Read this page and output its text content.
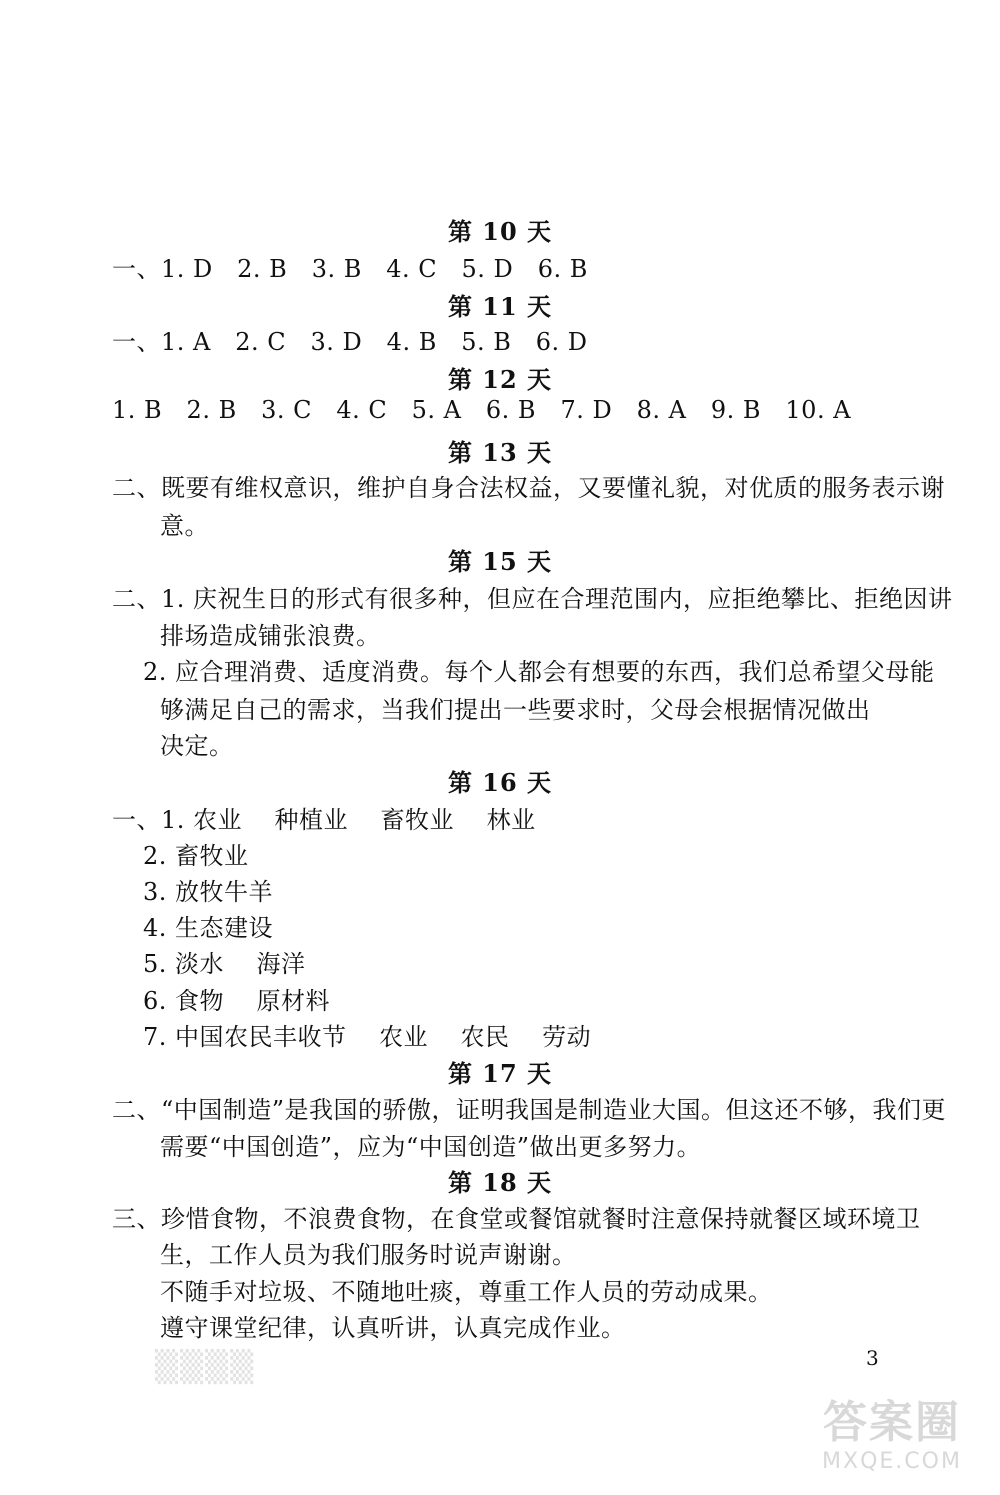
第 10 天
一、1. D   2. B   3. B   4. C   5. D   6. B
第 11 天
一、1. A   2. C   3. D   4. B   5. B   6. D
第 12 天
1. B   2. B   3. C   4. C   5. A   6. B   7. D   8. A   9. B   10. A
第 13 天
二、既要有维权意识，维护自身合法权益，又要懂礼貌，对优质的服务表示谢
意。
第 15 天
二、1. 庆祝生日的形式有很多种，但应在合理范围内，应拒绝攀比、拒绝因讲
排场造成铺张浪费。
2. 应合理消费、适度消费。每个人都会有想要的东西，我们总希望父母能
够满足自己的需求，当我们提出一些要求时，父母会根据情况做出
决定。
第 16 天
一、1. 农业    种植业    畜牧业    林业
2. 畜牧业
3. 放牧牛羊
4. 生态建设
5. 淡水    海洋
6. 食物    原材料
7. 中国农民丰收节    农业    农民    劳动
第 17 天
二、“中国制造”是我国的骄傲，证明我国是制造业大国。但这还不够，我们更
需要“中国创造”，应为“中国创造”做出更多努力。
第 18 天
三、珍惜食物，不浪费食物，在食堂或餐馆就餐时注意保持就餐区域环境卫
生，工作人员为我们服务时说声谢谢。
不随手对垃圾、不随地吐痰，尊重工作人员的劳动成果。
遵守课堂纪律，认真听讲，认真完成作业。
3
▒▒▒▒
答案圈
MXQE.COM
